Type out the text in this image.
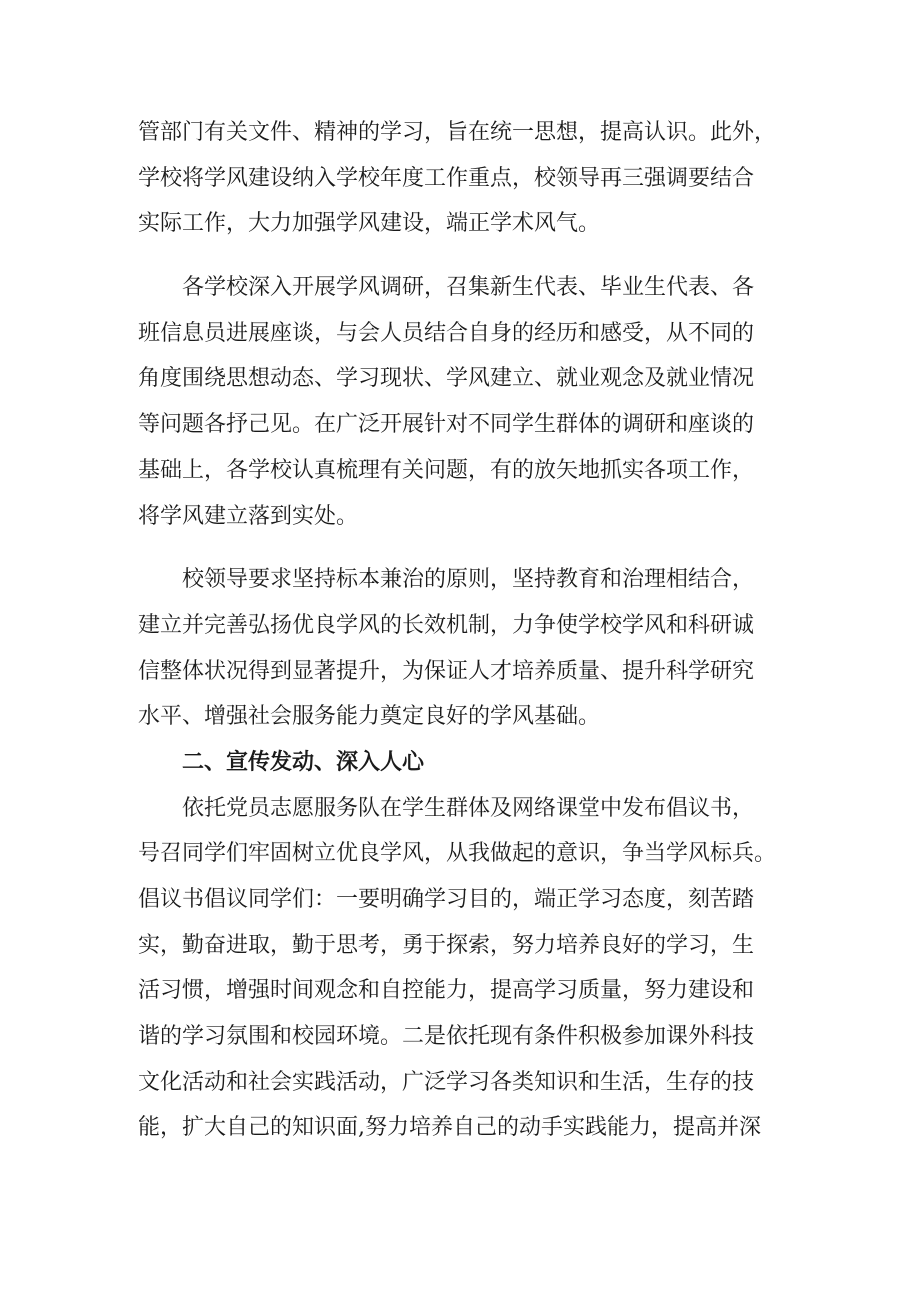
管部门有关文件、精神的学习，旨在统一思想，提高认识。此外，
学校将学风建设纳入学校年度工作重点，校领导再三强调要结合
实际工作，大力加强学风建设，端正学术风气。
各学校深入开展学风调研，召集新生代表、毕业生代表、各
班信息员进展座谈，与会人员结合自身的经历和感受，从不同的
角度围绕思想动态、学习现状、学风建立、就业观念及就业情况
等问题各抒己见。在广泛开展针对不同学生群体的调研和座谈的
基础上，各学校认真梳理有关问题，有的放矢地抓实各项工作，
将学风建立落到实处。
校领导要求坚持标本兼治的原则，坚持教育和治理相结合，
建立并完善弘扬优良学风的长效机制，力争使学校学风和科研诚
信整体状况得到显著提升，为保证人才培养质量、提升科学研究
水平、增强社会服务能力奠定良好的学风基础。
二、宣传发动、深入人心
依托党员志愿服务队在学生群体及网络课堂中发布倡议书，
号召同学们牢固树立优良学风，从我做起的意识，争当学风标兵。
倡议书倡议同学们：一要明确学习目的，端正学习态度，刻苦踏
实，勤奋进取，勤于思考，勇于探索，努力培养良好的学习，生
活习惯，增强时间观念和自控能力，提高学习质量，努力建设和
谐的学习氛围和校园环境。二是依托现有条件积极参加课外科技
文化活动和社会实践活动，广泛学习各类知识和生活，生存的技
能，扩大自己的知识面,努力培养自己的动手实践能力，提高并深
